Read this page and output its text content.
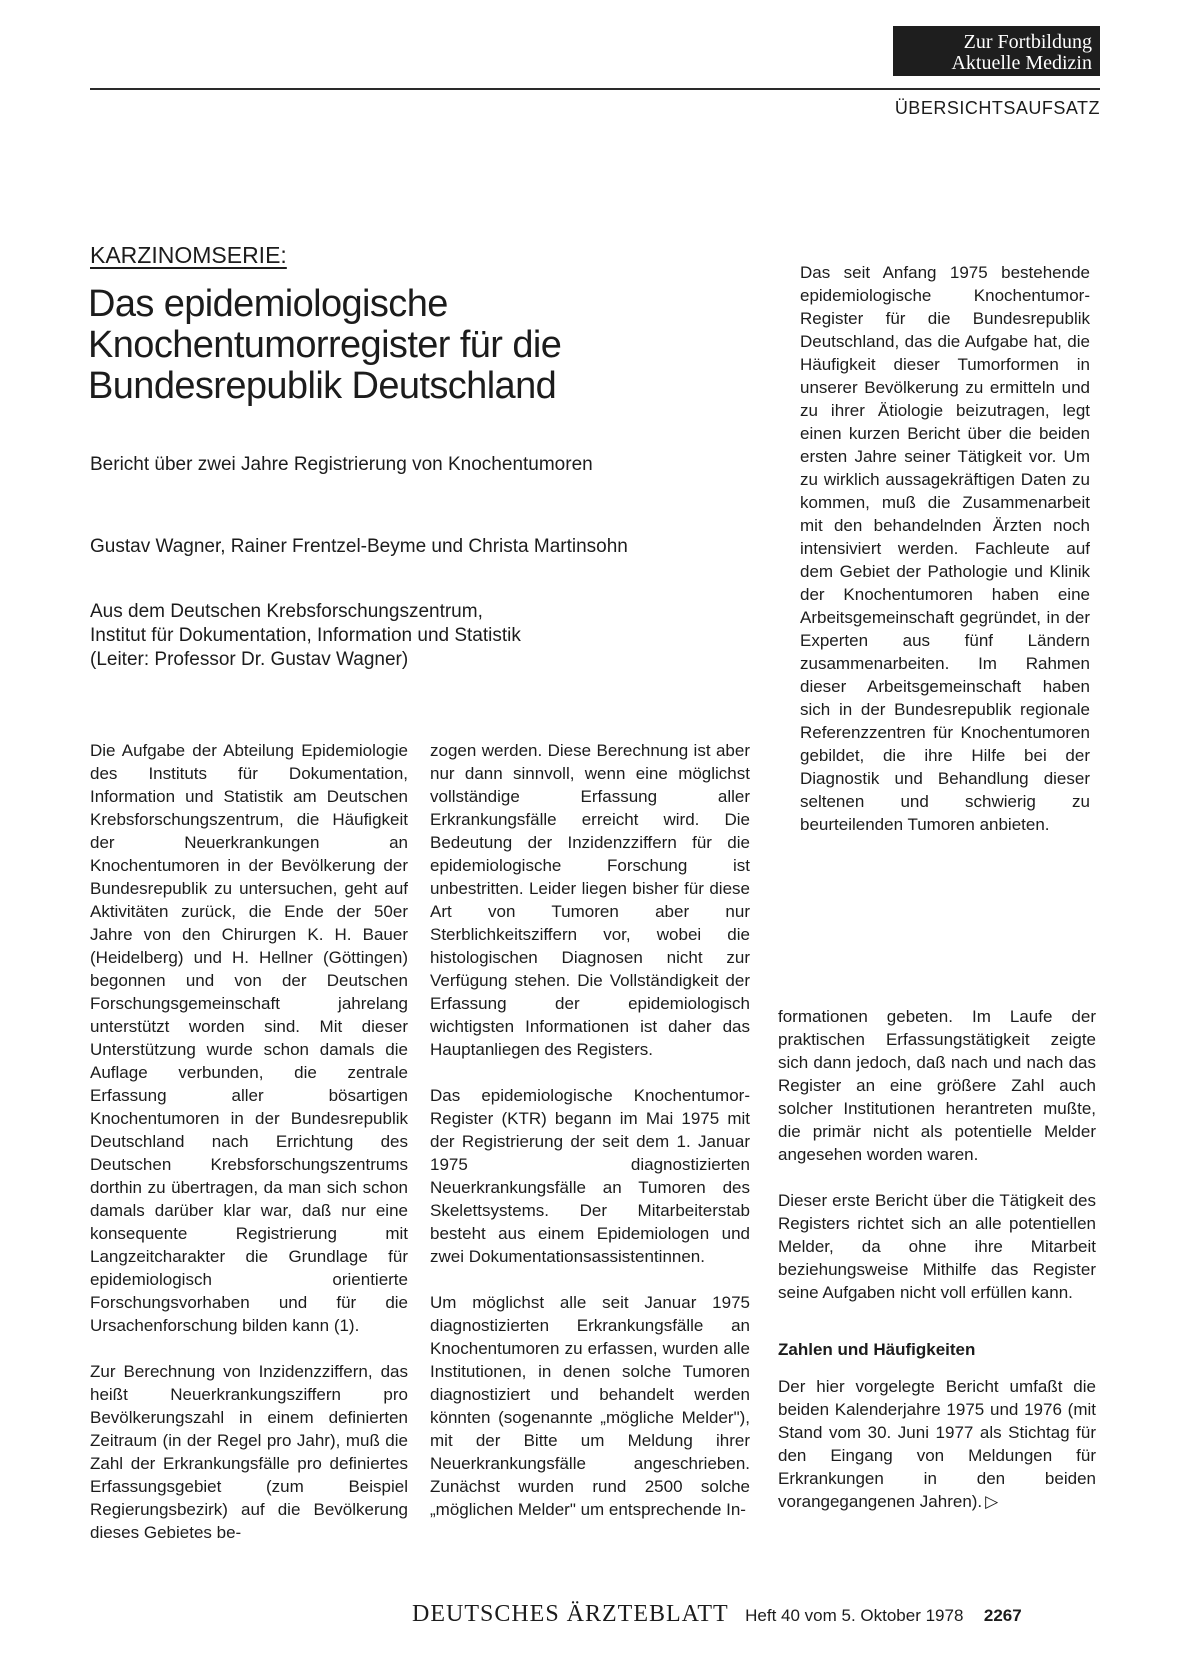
Zur Fortbildung
Aktuelle Medizin
ÜBERSICHTSAUFSATZ
KARZINOMSERIE:
Das epidemiologische Knochentumorregister für die Bundesrepublik Deutschland
Bericht über zwei Jahre Registrierung von Knochentumoren
Gustav Wagner, Rainer Frentzel-Beyme und Christa Martinsohn
Aus dem Deutschen Krebsforschungszentrum,
Institut für Dokumentation, Information und Statistik
(Leiter: Professor Dr. Gustav Wagner)

Das seit Anfang 1975 bestehende epidemiologische Knochentumor-Register für die Bundesrepublik Deutschland, das die Aufgabe hat, die Häufigkeit dieser Tumorformen in unserer Bevölkerung zu ermitteln und zu ihrer Ätiologie beizutragen, legt einen kurzen Bericht über die beiden ersten Jahre seiner Tätigkeit vor. Um zu wirklich aussagekräftigen Daten zu kommen, muß die Zusammenarbeit mit den behandelnden Ärzten noch intensiviert werden. Fachleute auf dem Gebiet der Pathologie und Klinik der Knochentumoren haben eine Arbeitsgemeinschaft gegründet, in der Experten aus fünf Ländern zusammenarbeiten. Im Rahmen dieser Arbeitsgemeinschaft haben sich in der Bundesrepublik regionale Referenzzentren für Knochentumoren gebildet, die ihre Hilfe bei der Diagnostik und Behandlung dieser seltenen und schwierig zu beurteilenden Tumoren anbieten.

Die Aufgabe der Abteilung Epidemiologie des Instituts für Dokumentation, Information und Statistik am Deutschen Krebsforschungszentrum, die Häufigkeit der Neuerkrankungen an Knochentumoren in der Bevölkerung der Bundesrepublik zu untersuchen, geht auf Aktivitäten zurück, die Ende der 50er Jahre von den Chirurgen K. H. Bauer (Heidelberg) und H. Hellner (Göttingen) begonnen und von der Deutschen Forschungsgemeinschaft jahrelang unterstützt worden sind. Mit dieser Unterstützung wurde schon damals die Auflage verbunden, die zentrale Erfassung aller bösartigen Knochentumoren in der Bundesrepublik Deutschland nach Errichtung des Deutschen Krebsforschungszentrums dorthin zu übertragen, da man sich schon damals darüber klar war, daß nur eine konsequente Registrierung mit Langzeitcharakter die Grundlage für epidemiologisch orientierte Forschungsvorhaben und für die Ursachenforschung bilden kann (1).

Zur Berechnung von Inzidenzziffern, das heißt Neuerkrankungsziffern pro Bevölkerungszahl in einem definierten Zeitraum (in der Regel pro Jahr), muß die Zahl der Erkrankungsfälle pro definiertes Erfassungsgebiet (zum Beispiel Regierungsbezirk) auf die Bevölkerung dieses Gebietes be-

zogen werden. Diese Berechnung ist aber nur dann sinnvoll, wenn eine möglichst vollständige Erfassung aller Erkrankungsfälle erreicht wird. Die Bedeutung der Inzidenzziffern für die epidemiologische Forschung ist unbestritten. Leider liegen bisher für diese Art von Tumoren aber nur Sterblichkeitsziffern vor, wobei die histologischen Diagnosen nicht zur Verfügung stehen. Die Vollständigkeit der Erfassung der epidemiologisch wichtigsten Informationen ist daher das Hauptanliegen des Registers.

Das epidemiologische Knochentumor-Register (KTR) begann im Mai 1975 mit der Registrierung der seit dem 1. Januar 1975 diagnostizierten Neuerkrankungsfälle an Tumoren des Skelettsystems. Der Mitarbeiterstab besteht aus einem Epidemiologen und zwei Dokumentationsassistentinnen.

Um möglichst alle seit Januar 1975 diagnostizierten Erkrankungsfälle an Knochentumoren zu erfassen, wurden alle Institutionen, in denen solche Tumoren diagnostiziert und behandelt werden könnten (sogenannte „mögliche Melder"), mit der Bitte um Meldung ihrer Neuerkrankungsfälle angeschrieben. Zunächst wurden rund 2500 solche „möglichen Melder" um entsprechende In-

formationen gebeten. Im Laufe der praktischen Erfassungstätigkeit zeigte sich dann jedoch, daß nach und nach das Register an eine größere Zahl auch solcher Institutionen herantreten mußte, die primär nicht als potentielle Melder angesehen worden waren.

Dieser erste Bericht über die Tätigkeit des Registers richtet sich an alle potentiellen Melder, da ohne ihre Mitarbeit beziehungsweise Mithilfe das Register seine Aufgaben nicht voll erfüllen kann.

Zahlen und Häufigkeiten

Der hier vorgelegte Bericht umfaßt die beiden Kalenderjahre 1975 und 1976 (mit Stand vom 30. Juni 1977 als Stichtag für den Eingang von Meldungen für Erkrankungen in den beiden vorangegangenen Jahren). ▷

DEUTSCHES ÄRZTEBLATT Heft 40 vom 5. Oktober 1978 2267
